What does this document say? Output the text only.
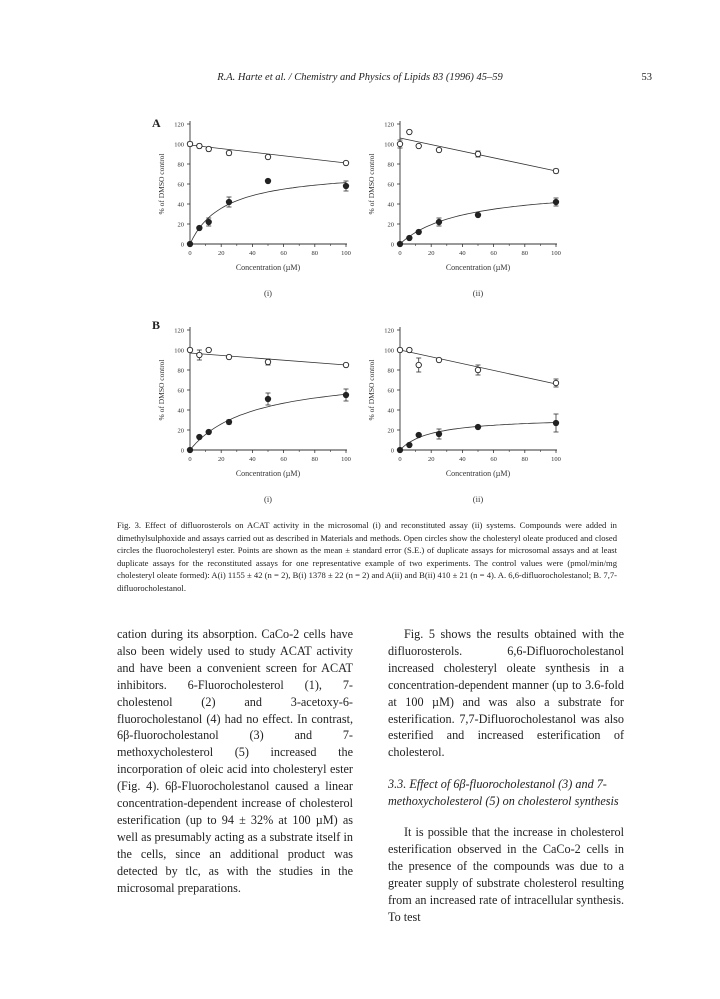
R.A. Harte et al. / Chemistry and Physics of Lipids 83 (1996) 45–59	53
A
B
0
20
40
60
80
100
120
0	20	40	60	80	100
Concentration (µM)
% of DMSO control
(i)
0
20
40
60
80
100
120
0	20	40	60	80	100
Concentration (µM)
% of DMSO control
(ii)
0
20
40
60
80
100
120
0	20	40	60	80	100
Concentration (µM)
% of DMSO control
(i)
0
20
40
60
80
100
120
0	20	40	60	80	100
Concentration (µM)
% of DMSO control
(ii)
Fig. 3. Effect of difluorosterols on ACAT activity in the microsomal (i) and reconstituted assay (ii) systems. Compounds were added in dimethylsulphoxide and assays carried out as described in Materials and methods. Open circles show the cholesteryl oleate produced and closed circles the fluorocholesteryl ester. Points are shown as the mean ± standard error (S.E.) of duplicate assays for microsomal assays and at least duplicate assays for the reconstituted assays for one representative example of two experiments. The control values were (pmol/min/mg cholesteryl oleate formed): A(i) 1155 ± 42 (n = 2), B(i) 1378 ± 22 (n = 2) and A(ii) and B(ii) 410 ± 21 (n = 4). A. 6,6-difluorocholestanol; B. 7,7-difluorocholestanol.

cation during its absorption. CaCo-2 cells have also been widely used to study ACAT activity and have been a convenient screen for ACAT inhibitors. 6-Fluorocholesterol (1), 7-cholestenol (2) and 3-acetoxy-6-fluorocholestanol (4) had no effect. In contrast, 6β-fluorocholestanol (3) and 7-methoxycholesterol (5) increased the incorporation of oleic acid into cholesteryl ester (Fig. 4). 6β-Fluorocholestanol caused a linear concentration-dependent increase of cholesterol esterification (up to 94 ± 32% at 100 µM) as well as presumably acting as a substrate itself in the cells, since an additional product was detected by tlc, as with the studies in the microsomal preparations.

Fig. 5 shows the results obtained with the difluorosterols. 6,6-Difluorocholestanol increased cholesteryl oleate synthesis in a concentration-dependent manner (up to 3.6-fold at 100 µM) and was also a substrate for esterification. 7,7-Difluorocholestanol was also esterified and increased esterification of cholesterol.

3.3. Effect of 6β-fluorocholestanol (3) and 7-methoxycholesterol (5) on cholesterol synthesis

It is possible that the increase in cholesterol esterification observed in the CaCo-2 cells in the presence of the compounds was due to a greater supply of substrate cholesterol resulting from an increased rate of intracellular synthesis. To test
